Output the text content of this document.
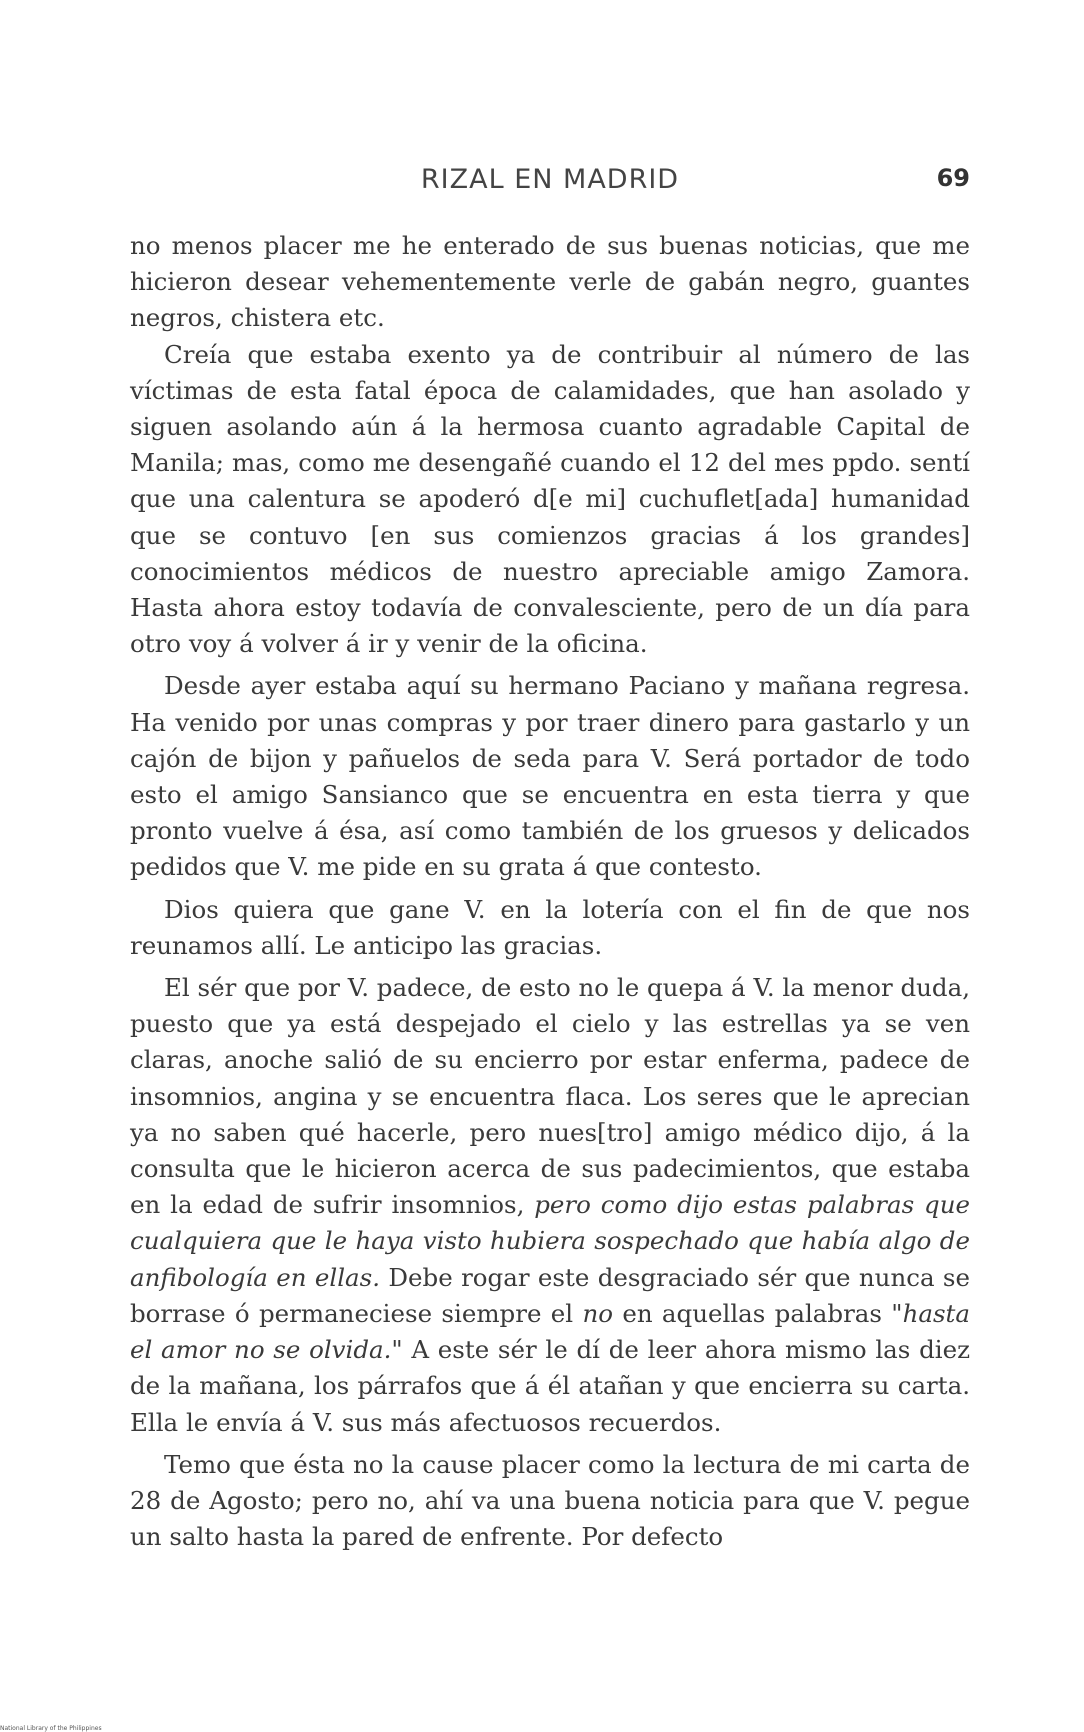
RIZAL EN MADRID	69

no menos placer me he enterado de sus buenas noticias, que me hicieron desear vehementemente verle de gabán negro, guantes negros, chistera etc.

Creía que estaba exento ya de contribuir al número de las víctimas de esta fatal época de calamidades, que han asolado y siguen asolando aún á la hermosa cuanto agradable Capital de Manila; mas, como me desengañé cuando el 12 del mes ppdo. sentí que una calentura se apoderó d[e mi] cuchuflet[ada] humanidad que se contuvo [en sus comienzos gracias á los grandes] conocimientos médicos de nuestro apreciable amigo Zamora. Hasta ahora estoy todavía de convalesciente, pero de un día para otro voy á volver á ir y venir de la oficina.

Desde ayer estaba aquí su hermano Paciano y mañana regresa. Ha venido por unas compras y por traer dinero para gastarlo y un cajón de bijon y pañuelos de seda para V. Será portador de todo esto el amigo Sansianco que se encuentra en esta tierra y que pronto vuelve á ésa, así como también de los gruesos y delicados pedidos que V. me pide en su grata á que contesto.

Dios quiera que gane V. en la lotería con el fin de que nos reunamos allí. Le anticipo las gracias.

El sér que por V. padece, de esto no le quepa á V. la menor duda, puesto que ya está despejado el cielo y las estrellas ya se ven claras, anoche salió de su encierro por estar enferma, padece de insomnios, angina y se encuentra flaca. Los seres que le aprecian ya no saben qué hacerle, pero nues[tro] amigo médico dijo, á la consulta que le hicieron acerca de sus padecimientos, que estaba en la edad de sufrir insomnios, pero como dijo estas palabras que cualquiera que le haya visto hubiera sospechado que había algo de anfibología en ellas. Debe rogar este desgraciado sér que nunca se borrase ó permaneciese siempre el no en aquellas palabras "hasta el amor no se olvida." A este sér le dí de leer ahora mismo las diez de la mañana, los párrafos que á él atañan y que encierra su carta. Ella le envía á V. sus más afectuosos recuerdos.

Temo que ésta no la cause placer como la lectura de mi carta de 28 de Agosto; pero no, ahí va una buena noticia para que V. pegue un salto hasta la pared de enfrente. Por defecto

National Library of the Philippines
